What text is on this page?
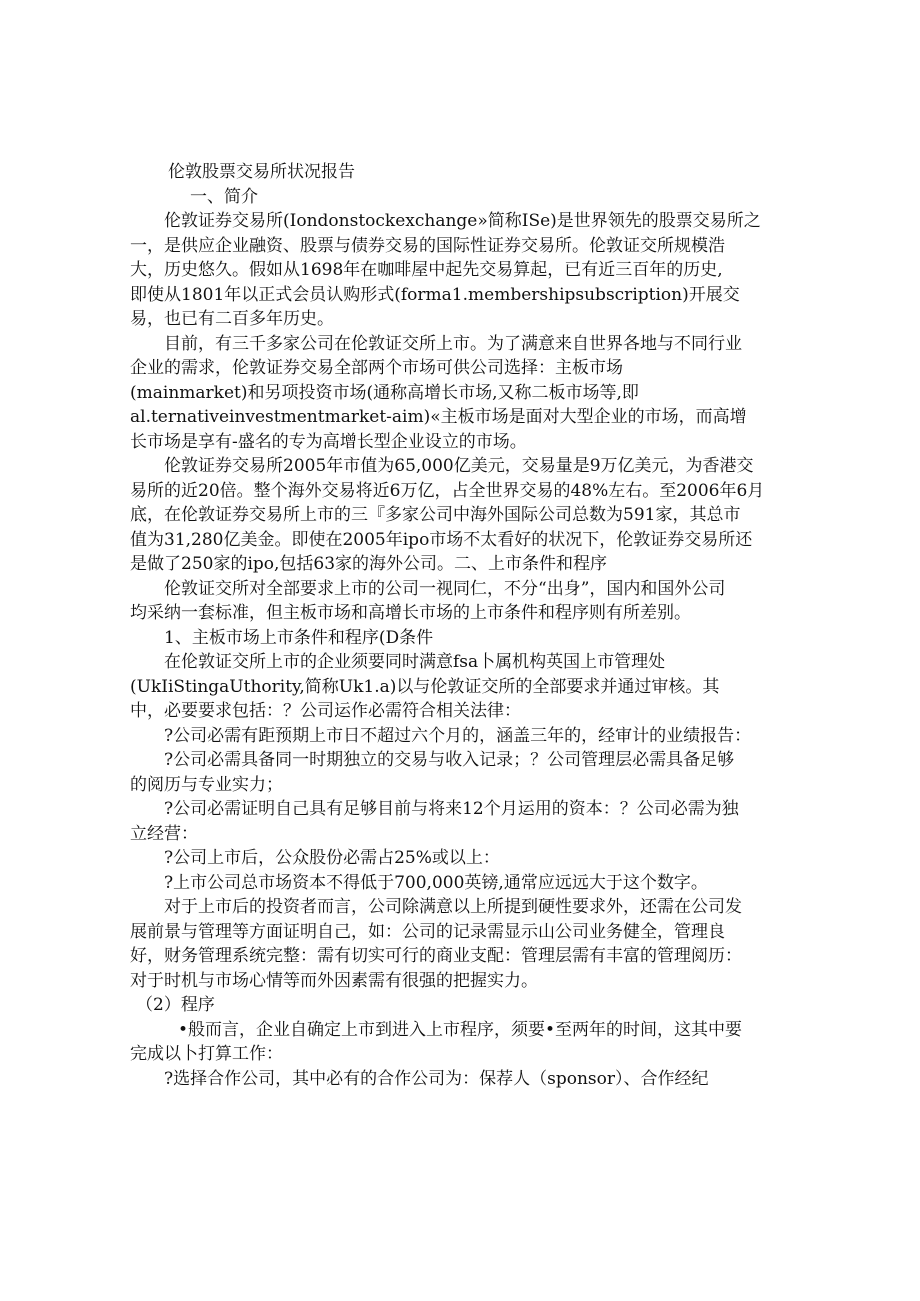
伦敦股票交易所状况报告
一、简介
伦敦证券交易所(Iondonstockexchange»简称ISe)是世界领先的股票交易所之
一，是供应企业融资、股票与债券交易的国际性证券交易所。伦敦证交所规模浩
大，历史悠久。假如从1698年在咖啡屋中起先交易算起，已有近三百年的历史,
即使从1801年以正式会员认购形式(forma1.membershipsubscription)开展交
易，也已有二百多年历史。
目前，有三千多家公司在伦敦证交所上市。为了满意来自世界各地与不同行业
企业的需求，伦敦证券交易全部两个市场可供公司选择：主板市场
(mainmarket)和另项投资市场(通称高增长市场,又称二板市场等,即
al.ternativeinvestmentmarket-aim)«主板市场是面对大型企业的市场，而高增
长市场是享有-盛名的专为高增长型企业设立的市场。
伦敦证券交易所2005年市值为65,000亿美元，交易量是9万亿美元，为香港交
易所的近20倍。整个海外交易将近6万亿，占全世界交易的48%左右。至2006年6月
底，在伦敦证券交易所上市的三『多家公司中海外国际公司总数为591家，其总市
值为31,280亿美金。即使在2005年ipo市场不太看好的状况下，伦敦证券交易所还
是做了250家的ipo,包括63家的海外公司。二、上市条件和程序
伦敦证交所对全部要求上市的公司一视同仁，不分“出身”，国内和国外公司
均采纳一套标准，但主板市场和高增长市场的上市条件和程序则有所差别。
1、主板市场上市条件和程序(D条件
在伦敦证交所上市的企业须要同时满意fsa卜属机构英国上市管理处
(UkIiStingaUthority,简称Uk1.a)以与伦敦证交所的全部要求并通过审核。其
中，必要要求包括：？公司运作必需符合相关法律：
?公司必需有距预期上市日不超过六个月的，涵盖三年的，经审计的业绩报告：
?公司必需具备同一时期独立的交易与收入记录；？公司管理层必需具备足够
的阅历与专业实力；
?公司必需证明自己具有足够目前与将来12个月运用的资本：？公司必需为独
立经营：
?公司上市后，公众股份必需占25%或以上：
?上市公司总市场资本不得低于700,000英镑,通常应远远大于这个数字。
对于上市后的投资者而言，公司除满意以上所提到硬性要求外，还需在公司发
展前景与管理等方面证明自己，如：公司的记录需显示山公司业务健全，管理良
好，财务管理系统完整：需有切实可行的商业支配：管理层需有丰富的管理阅历：
对于时机与市场心情等而外因素需有很强的把握实力。
（2）程序
•般而言，企业自确定上市到进入上市程序，须要•至两年的时间，这其中要
完成以卜打算工作：
?选择合作公司，其中必有的合作公司为：保荐人（sponsor）、合作经纪
